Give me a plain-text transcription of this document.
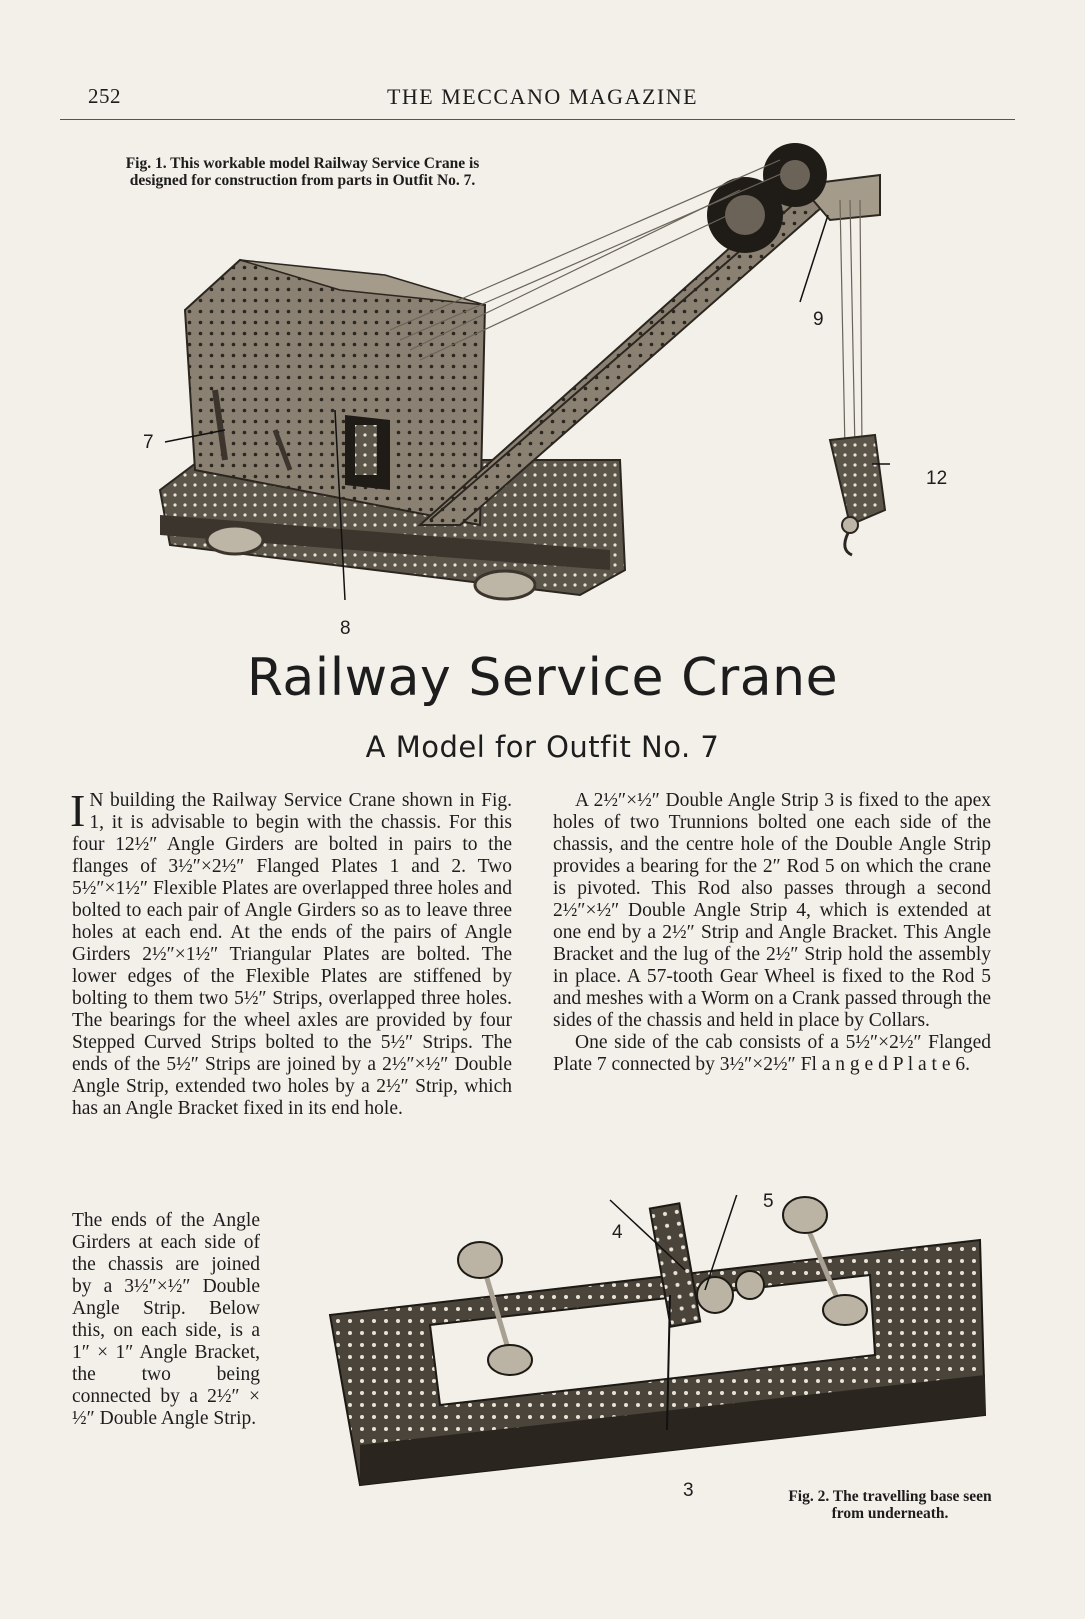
252	THE MECCANO MAGAZINE
Fig. 1. This workable model Railway Service Crane is designed for construction from parts in Outfit No. 7.
7
8
9
12
Railway Service Crane
A Model for Outfit No. 7

I N building the Railway Service Crane shown in Fig. 1, it is advisable to begin with the chassis. For this four 12½″ Angle Girders are bolted in pairs to the flanges of 3½″×2½″ Flanged Plates 1 and 2. Two 5½″×1½″ Flexible Plates are overlapped three holes and bolted to each pair of Angle Girders so as to leave three holes at each end. At the ends of the pairs of Angle Girders 2½″×1½″ Triangular Plates are bolted. The lower edges of the Flexible Plates are stiffened by bolting to them two 5½″ Strips, overlapped three holes. The bearings for the wheel axles are provided by four Stepped Curved Strips bolted to the 5½″ Strips. The ends of the 5½″ Strips are joined by a 2½″×½″ Double Angle Strip, extended two holes by a 2½″ Strip, which has an Angle Bracket fixed in its end hole.

The ends of the Angle Girders at each side of the chassis are joined by a 3½″×½″ Double Angle Strip. Below this, on each side, is a 1″ × 1″ Angle Bracket, the two being connected by a 2½″ × ½″ Double Angle Strip.

A 2½″×½″ Double Angle Strip 3 is fixed to the apex holes of two Trunnions bolted one each side of the chassis, and the centre hole of the Double Angle Strip provides a bearing for the 2″ Rod 5 on which the crane is pivoted. This Rod also passes through a second 2½″×½″ Double Angle Strip 4, which is extended at one end by a 2½″ Strip and Angle Bracket. This Angle Bracket and the lug of the 2½″ Strip hold the assembly in place. A 57-tooth Gear Wheel is fixed to the Rod 5 and meshes with a Worm on a Crank passed through the sides of the chassis and held in place by Collars.

One side of the cab consists of a 5½″×2½″ Flanged Plate 7 connected by 3½″×2½″ Fl a n g e d P l a t e 6.

4
5
3	Fig. 2. The travelling base seen from underneath.
